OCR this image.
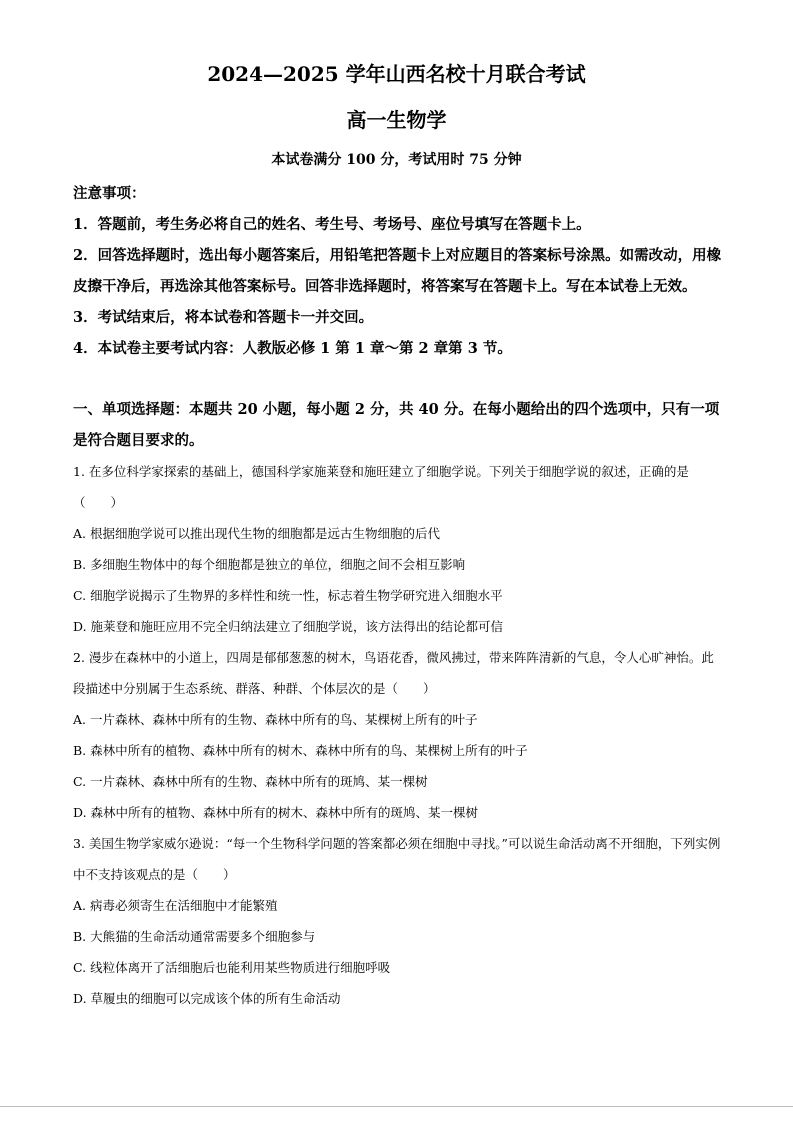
2024—2025 学年山西名校十月联合考试
高一生物学
本试卷满分 100 分，考试用时 75 分钟

注意事项：

1．答题前，考生务必将自己的姓名、考生号、考场号、座位号填写在答题卡上。

2．回答选择题时，选出每小题答案后，用铅笔把答题卡上对应题目的答案标号涂黑。如需改动，用橡皮擦干净后，再选涂其他答案标号。回答非选择题时，将答案写在答题卡上。写在本试卷上无效。

3．考试结束后，将本试卷和答题卡一并交回。

4．本试卷主要考试内容：人教版必修 1 第 1 章～第 2 章第 3 节。

一、单项选择题：本题共 20 小题，每小题 2 分，共 40 分。在每小题给出的四个选项中，只有一项是符合题目要求的。

1. 在多位科学家探索的基础上，德国科学家施莱登和施旺建立了细胞学说。下列关于细胞学说的叙述，正确的是（　　）

A. 根据细胞学说可以推出现代生物的细胞都是远古生物细胞的后代

B. 多细胞生物体中的每个细胞都是独立的单位，细胞之间不会相互影响

C. 细胞学说揭示了生物界的多样性和统一性，标志着生物学研究进入细胞水平

D. 施莱登和施旺应用不完全归纳法建立了细胞学说，该方法得出的结论都可信

2. 漫步在森林中的小道上，四周是郁郁葱葱的树木，鸟语花香，微风拂过，带来阵阵清新的气息，令人心旷神怡。此段描述中分别属于生态系统、群落、种群、个体层次的是（　　）

A. 一片森林、森林中所有的生物、森林中所有的鸟、某棵树上所有的叶子

B. 森林中所有的植物、森林中所有的树木、森林中所有的鸟、某棵树上所有的叶子

C. 一片森林、森林中所有的生物、森林中所有的斑鸠、某一棵树

D. 森林中所有的植物、森林中所有的树木、森林中所有的斑鸠、某一棵树

3. 美国生物学家威尔逊说：“每一个生物科学问题的答案都必须在细胞中寻找。”可以说生命活动离不开细胞，下列实例中不支持该观点的是（　　）

A. 病毒必须寄生在活细胞中才能繁殖

B. 大熊猫的生命活动通常需要多个细胞参与

C. 线粒体离开了活细胞后也能利用某些物质进行细胞呼吸

D. 草履虫的细胞可以完成该个体的所有生命活动
